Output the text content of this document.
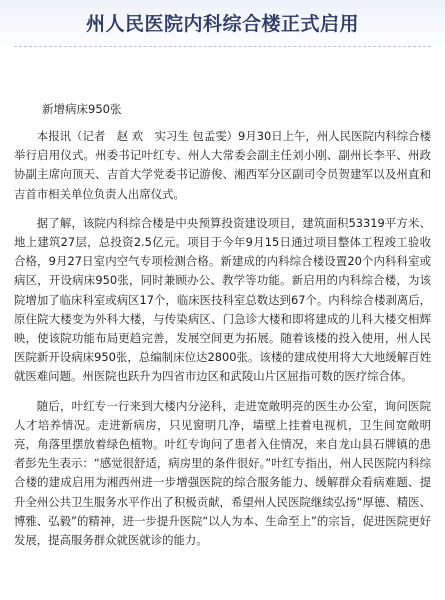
州人民医院内科综合楼正式启用

新增病床950张

本报讯（记者　赵 欢　实习生 包孟雯）9月30日上午，州人民医院内科综合楼举行启用仪式。州委书记叶红专、州人大常委会副主任刘小刚、副州长李平、州政协副主席向顶天、吉首大学党委书记游俊、湘西军分区副司令员贺建军以及州直和吉首市相关单位负责人出席仪式。

据了解，该院内科综合楼是中央预算投资建设项目，建筑面积53319平方米、地上建筑27层，总投资2.5亿元。项目于今年9月15日通过项目整体工程竣工验收合格，9月27日室内空气专项检测合格。新建成的内科综合楼设置20个内科科室或病区，开设病床950张，同时兼顾办公、教学等功能。新启用的内科综合楼，为该院增加了临床科室或病区17个，临床医技科室总数达到67个。内科综合楼剥离后，原住院大楼变为外科大楼，与传染病区、门急诊大楼和即将建成的儿科大楼交相辉映，使该院功能布局更趋完善，发展空间更为拓展。随着该楼的投入使用，州人民医院新开设病床950张，总编制床位达2800张。该楼的建成使用将大大地缓解百姓就医难问题。州医院也跃升为四省市边区和武陵山片区屈指可数的医疗综合体。

随后，叶红专一行来到大楼内分泌科，走进宽敞明亮的医生办公室，询问医院人才培养情况。走进新病房，只见窗明几净，墙壁上挂着电视机，卫生间宽敞明亮，角落里摆放着绿色植物。叶红专询问了患者入住情况，来自龙山县石牌镇的患者彭先生表示：“感觉很舒适，病房里的条件很好。”叶红专指出，州人民医院内科综合楼的建成启用为湘西州进一步增强医院的综合服务能力、缓解群众看病难题、提升全州公共卫生服务水平作出了积极贡献，希望州人民医院继续弘扬“厚德、精医、博雅、弘毅”的精神，进一步提升医院“以人为本、生命至上”的宗旨，促进医院更好发展，提高服务群众就医就诊的能力。
